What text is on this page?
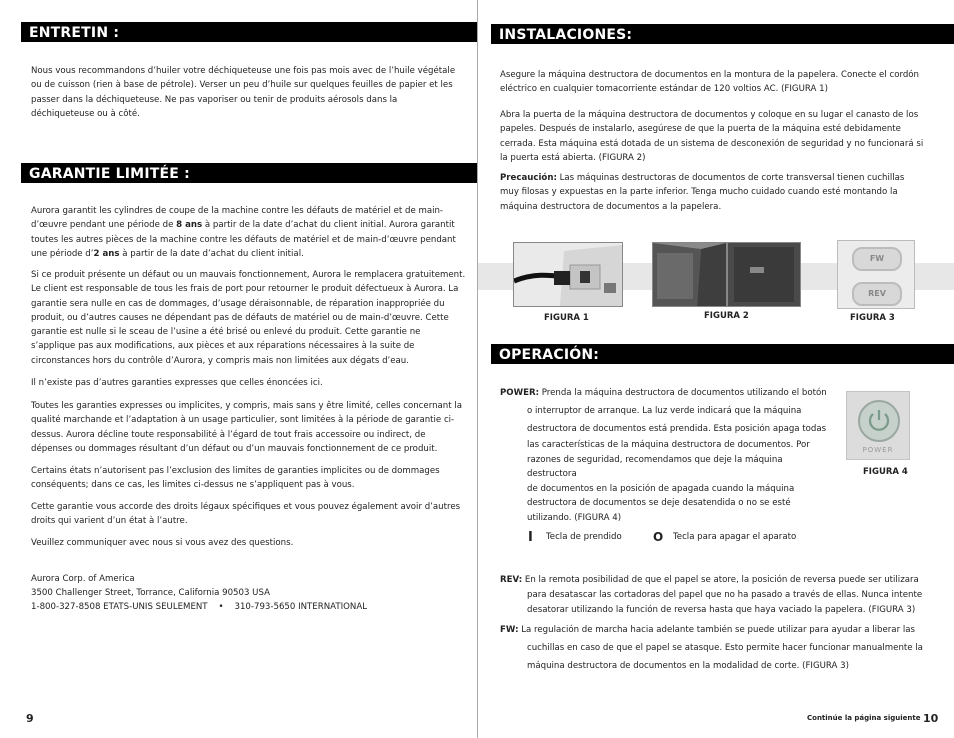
ENTRETIN :

Nous vous recommandons d’huiler votre déchiqueteuse une fois pas mois avec de l’huile végétale ou de cuisson (rien à base de pétrole). Verser un peu d’huile sur quelques feuilles de papier et les passer dans la déchiqueteuse. Ne pas vaporiser ou tenir de produits aérosols dans la déchiqueteuse ou à côté.

GARANTIE LIMITÉE :

Aurora garantit les cylindres de coupe de la machine contre les défauts de matériel et de main-d’œuvre pendant une période de 8 ans à partir de la date d’achat du client initial. Aurora garantit toutes les autres pièces de la machine contre les défauts de matériel et de main-d’œuvre pendant une période d’2 ans à partir de la date d’achat du client initial.

Si ce produit présente un défaut ou un mauvais fonctionnement, Aurora le remplacera gratuitement. Le client est responsable de tous les frais de port pour retourner le produit défectueux à Aurora. La garantie sera nulle en cas de dommages, d’usage déraisonnable, de réparation inappropriée du produit, ou d’autres causes ne dépendant pas de défauts de matériel ou de main-d’œuvre. Cette garantie est nulle si le sceau de l’usine a été brisé ou enlevé du produit. Cette garantie ne s’applique pas aux modifications, aux pièces et aux réparations nécessaires à la suite de circonstances hors du contrôle d’Aurora, y compris mais non limitées aux dégats d’eau.

Il n’existe pas d’autres garanties expresses que celles énoncées ici.

Toutes les garanties expresses ou implicites, y compris, mais sans y être limité, celles concernant la qualité marchande et l’adaptation à un usage particulier, sont limitées à la période de garantie ci-dessus. Aurora décline toute responsabilité à l’égard de tout frais accessoire ou indirect, de dépenses ou dommages résultant d’un défaut ou d’un mauvais fonctionnement de ce produit.

Certains états n’autorisent pas l’exclusion des limites de garanties implicites ou de dommages conséquents; dans ce cas, les limites ci-dessus ne s’appliquent pas à vous.

Cette garantie vous accorde des droits légaux spécifiques et vous pouvez également avoir d’autres droits qui varient d’un état à l’autre.

Veuillez communiquer avec nous si vous avez des questions.

Aurora Corp. of America

3500 Challenger Street, Torrance, California 90503 USA

1-800-327-8508 ETATS-UNIS SEULEMENT    •    310-793-5650 INTERNATIONAL

9
INSTALACIONES:

Asegure la máquina destructora de documentos en la montura de la papelera. Conecte el cordón eléctrico en cualquier tomacorriente estándar de 120 voltios AC. (FIGURA 1)

Abra la puerta de la máquina destructora de documentos y coloque en su lugar el canasto de los papeles. Después de instalarlo, asegúrese de que la puerta de la máquina esté debidamente cerrada. Esta máquina está dotada de un sistema de desconexión de seguridad y no funcionará si la puerta está abierta. (FIGURA 2)

Precaución: Las máquinas destructoras de documentos de corte transversal tienen cuchillas muy filosas y expuestas en la parte inferior. Tenga mucho cuidado cuando esté montando la máquina destructora de documentos a la papelera.

FIGURA 1	FIGURA 2
FW
REV
FIGURA 3
OPERACIÓN:
POWER: Prenda la máquina destructora de documentos utilizando el botón
o interruptor de arranque. La luz verde indicará que la máquina
destructora de documentos está prendida. Esta posición apaga todas
las características de la máquina destructora de documentos. Por
razones de seguridad, recomendamos que deje la máquina destructora
de documentos en la posición de apagada cuando la máquina
destructora de documentos se deje desatendida o no se esté
utilizando. (FIGURA 4)
POWER
FIGURA 4
I Tecla de prendido	O Tecla para apagar el aparato
REV: En la remota posibilidad de que el papel se atore, la posición de reversa puede ser utilizara
para desatascar las cortadoras del papel que no ha pasado a través de ellas. Nunca intente
desatorar utilizando la función de reversa hasta que haya vaciado la papelera. (FIGURA 3)
FW: La regulación de marcha hacia adelante también se puede utilizar para ayudar a liberar las
cuchillas en caso de que el papel se atasque. Esto permite hacer funcionar manualmente la
máquina destructora de documentos en la modalidad de corte. (FIGURA 3)
Continúe la página siguiente 10
